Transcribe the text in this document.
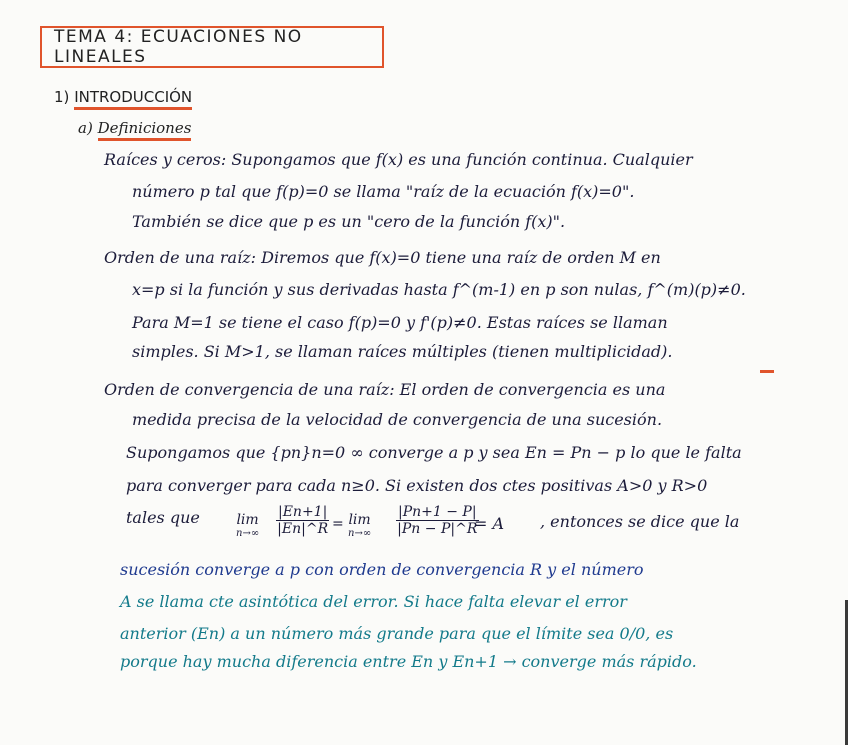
TEMA 4: ECUACIONES NO LINEALES
1) INTRODUCCIÓN
a) Definiciones
Raíces y ceros: Supongamos que f(x) es una función continua. Cualquier
número p tal que f(p)=0 se llama "raíz de la ecuación f(x)=0".
También se dice que p es un "cero de la función f(x)".
Orden de una raíz: Diremos que f(x)=0 tiene una raíz de orden M en
x=p si la función y sus derivadas hasta f^(m-1) en p son nulas, f^(m)(p)≠0.
Para M=1 se tiene el caso f(p)=0 y f'(p)≠0. Estas raíces se llaman
simples. Si M>1, se llaman raíces múltiples (tienen multiplicidad).
Orden de convergencia de una raíz: El orden de convergencia es una
medida precisa de la velocidad de convergencia de una sucesión.
Supongamos que {pn}n=0 ∞ converge a p y sea En = Pn − p lo que le falta
para converger para cada n≥0. Si existen dos ctes positivas A>0 y R>0
tales que	lim
$n\to\infty \frac{|En+1|}{|En|\^{}R} = \lim$
$n\to\infty \frac{|Pn+1 - P|}{|Pn - P|\^{}R}$
= A , entonces se dice que la
sucesión converge a p con orden de convergencia R y el número
A se llama cte asintótica del error. Si hace falta elevar el error
anterior (En) a un número más grande para que el límite sea 0/0, es
porque hay mucha diferencia entre En y En+1 → converge más rápido.
